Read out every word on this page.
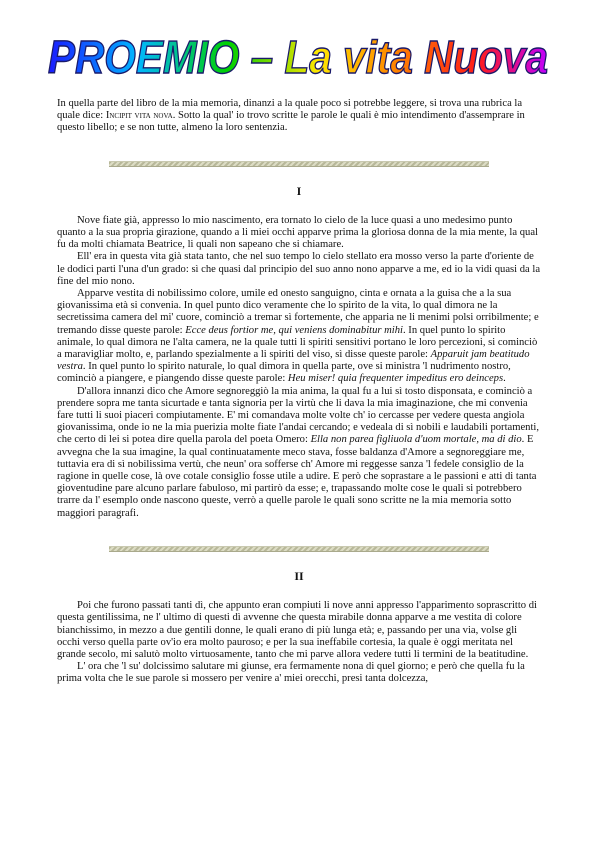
PROEMIO – La vita Nuova

In quella parte del libro de la mia memoria, dinanzi a la quale poco si potrebbe leggere, si trova una rubrica la quale dice: Incipit vita nova. Sotto la qual' io trovo scritte le parole le quali è mio intendimento d'assemprare in questo libello; e se non tutte, almeno la loro sentenzia.

I

Nove fiate già, appresso lo mio nascimento, era tornato lo cielo de la luce quasi a uno medesimo punto quanto a la sua propria girazione, quando a li miei occhi apparve prima la gloriosa donna de la mia mente, la qual fu da molti chiamata Beatrice, li quali non sapeano che si chiamare.

Ell' era in questa vita già stata tanto, che nel suo tempo lo cielo stellato era mosso verso la parte d'oriente de le dodici parti l'una d'un grado: sì che quasi dal principio del suo anno nono apparve a me, ed io la vidi quasi da la fine del mio nono.

Apparve vestita di nobilissimo colore, umile ed onesto sanguigno, cinta e ornata a la guisa che a la sua giovanissima età si convenia. In quel punto dico veramente che lo spirito de la vita, lo qual dimora ne la secretissima camera del mi' cuore, cominciò a tremar sì fortemente, che apparia ne li menimi polsi orribilmente; e tremando disse queste parole: Ecce deus fortior me, qui veniens dominabitur mihi. In quel punto lo spirito animale, lo qual dimora ne l'alta camera, ne la quale tutti li spiriti sensitivi portano le loro percezioni, si cominciò a maravigliar molto, e, parlando spezialmente a li spiriti del viso, sì disse queste parole: Apparuit jam beatitudo vestra. In quel punto lo spirito naturale, lo qual dimora in quella parte, ove si ministra 'l nudrimento nostro, cominciò a piangere, e piangendo disse queste parole: Heu miser! quia frequenter impeditus ero deinceps.

D'allora innanzi dico che Amore segnoreggiò la mia anima, la qual fu a lui sì tosto disponsata, e cominciò a prendere sopra me tanta sicurtade e tanta signoria per la virtù che li dava la mia imaginazione, che mi convenia fare tutti li suoi piaceri compiutamente. E' mi comandava molte volte ch' io cercasse per vedere questa angiola giovanissima, onde io ne la mia puerizia molte fiate l'andai cercando; e vedeala di sì nobili e laudabili portamenti, che certo di lei si potea dire quella parola del poeta Omero: Ella non parea figliuola d'uom mortale, ma di dio. E avvegna che la sua imagine, la qual continuatamente meco stava, fosse baldanza d'Amore a segnoreggiare me, tuttavia era di sì nobilissima vertù, che neun' ora sofferse ch' Amore mi reggesse sanza 'l fedele consiglio de la ragione in quelle cose, là ove cotale consiglio fosse utile a udire. E però che soprastare a le passioni e atti di tanta gioventudine pare alcuno parlare fabuloso, mi partirò da esse; e, trapassando molte cose le quali si potrebbero trarre da l' esemplo onde nascono queste, verrò a quelle parole le quali sono scritte ne la mia memoria sotto maggiori paragrafi.

II

Poi che furono passati tanti dì, che appunto eran compiuti li nove anni appresso l'apparimento soprascritto di questa gentilissima, ne l' ultimo di questi dì avvenne che questa mirabile donna apparve a me vestita di colore bianchissimo, in mezzo a due gentili donne, le quali erano di più lunga età; e, passando per una via, volse gli occhi verso quella parte ov'io era molto pauroso; e per la sua ineffabile cortesia, la quale è oggi meritata nel grande secolo, mi salutò molto virtuosamente, tanto che mi parve allora vedere tutti li termini de la beatitudine.

L' ora che 'l su' dolcissimo salutare mi giunse, era fermamente nona di quel giorno; e però che quella fu la prima volta che le sue parole si mossero per venire a' miei orecchi, presi tanta dolcezza,
